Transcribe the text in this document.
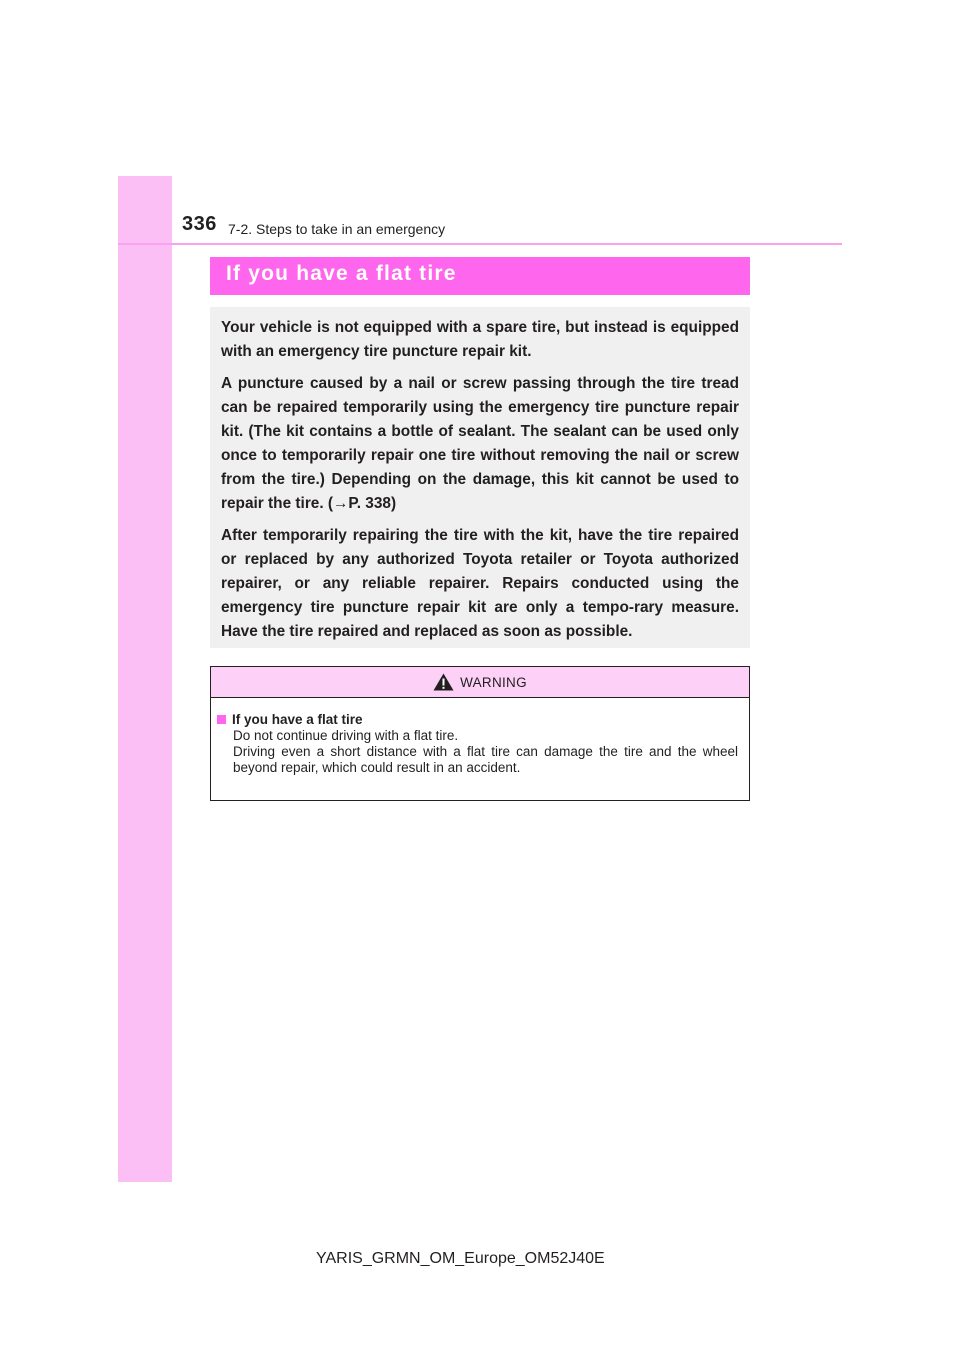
336 7-2. Steps to take in an emergency
If you have a flat tire

Your vehicle is not equipped with a spare tire, but instead is equipped with an emergency tire puncture repair kit.

A puncture caused by a nail or screw passing through the tire tread can be repaired temporarily using the emergency tire puncture repair kit. (The kit contains a bottle of sealant. The sealant can be used only once to temporarily repair one tire without removing the nail or screw from the tire.) Depending on the damage, this kit cannot be used to repair the tire. (→P. 338)

After temporarily repairing the tire with the kit, have the tire repaired or replaced by any authorized Toyota retailer or Toyota authorized repairer, or any reliable repairer. Repairs conducted using the emergency tire puncture repair kit are only a tempo-rary measure. Have the tire repaired and replaced as soon as possible.

WARNING
If you have a flat tire

Do not continue driving with a flat tire.

Driving even a short distance with a flat tire can damage the tire and the wheel beyond repair, which could result in an accident.

YARIS_GRMN_OM_Europe_OM52J40E
